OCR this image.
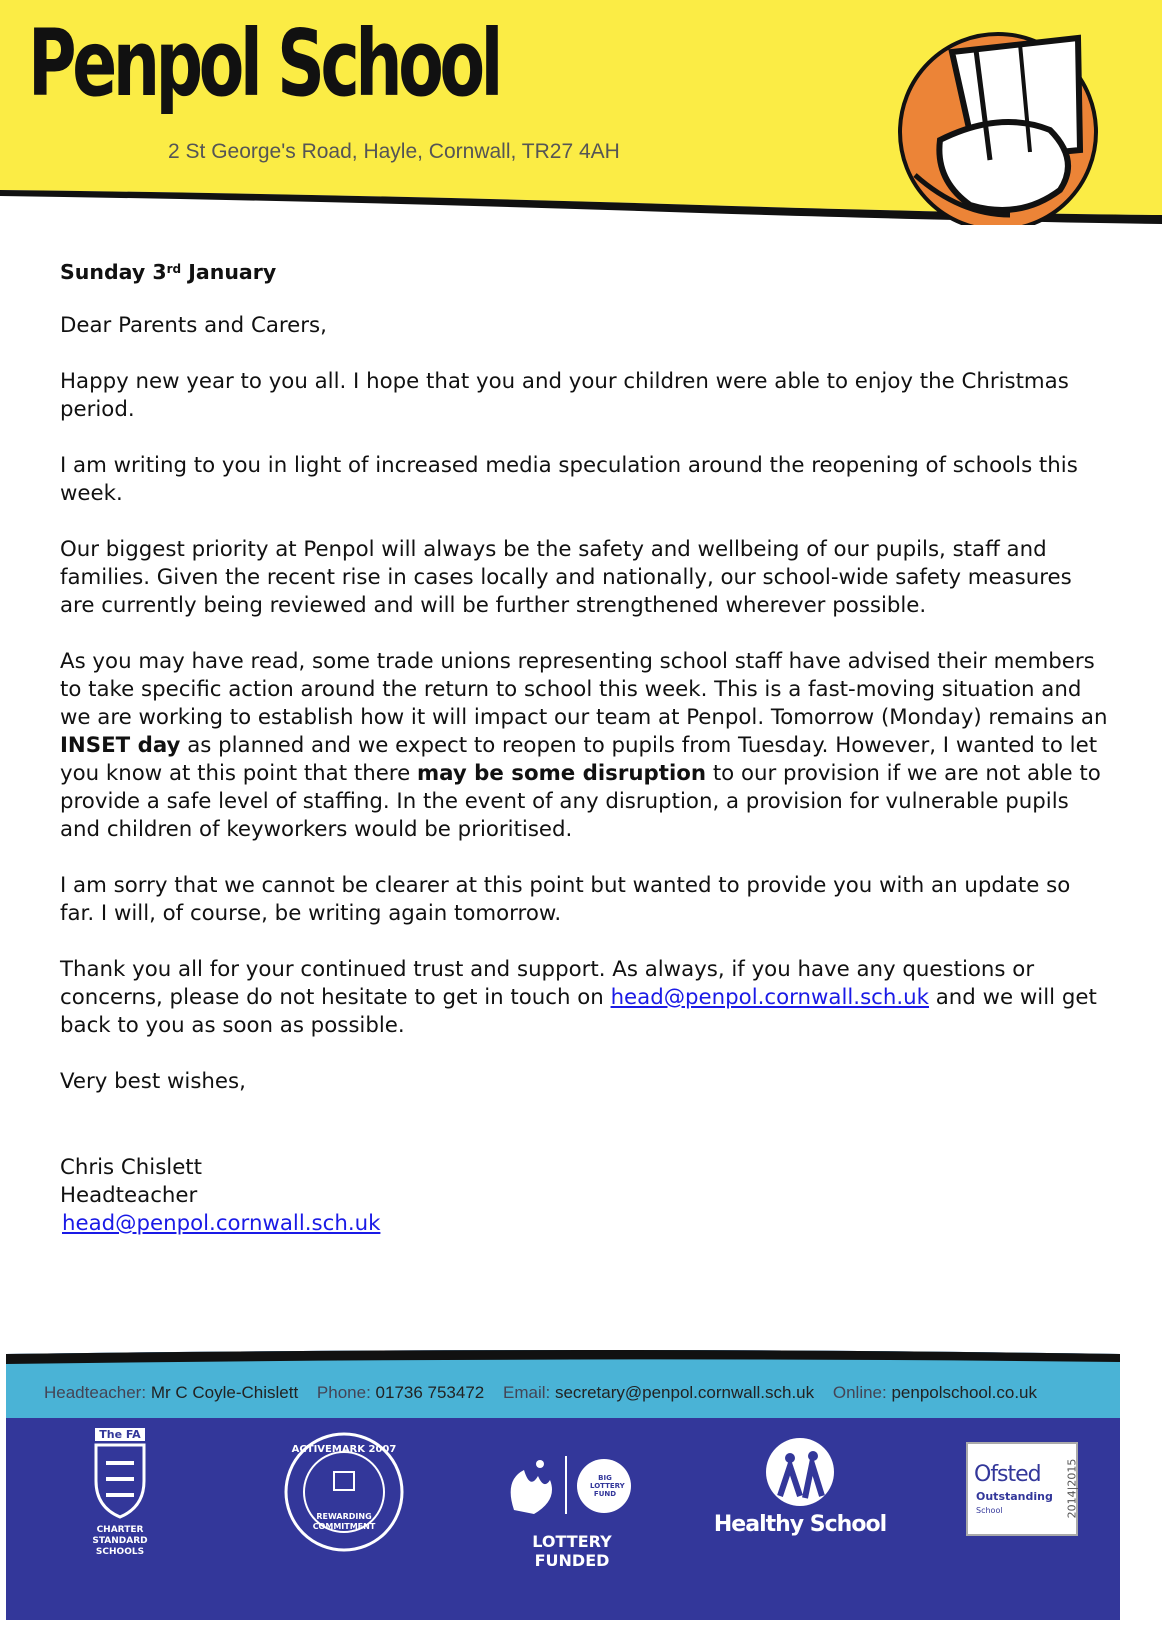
Penpol School
2 St George's Road, Hayle, Cornwall, TR27 4AH
Sunday 3rd January

Dear Parents and Carers,

Happy new year to you all. I hope that you and your children were able to enjoy the Christmas period.

I am writing to you in light of increased media speculation around the reopening of schools this week.

Our biggest priority at Penpol will always be the safety and wellbeing of our pupils, staff and families. Given the recent rise in cases locally and nationally, our school-wide safety measures are currently being reviewed and will be further strengthened wherever possible.

As you may have read, some trade unions representing school staff have advised their members to take specific action around the return to school this week. This is a fast-moving situation and we are working to establish how it will impact our team at Penpol. Tomorrow (Monday) remains an INSET day as planned and we expect to reopen to pupils from Tuesday. However, I wanted to let you know at this point that there may be some disruption to our provision if we are not able to provide a safe level of staffing. In the event of any disruption, a provision for vulnerable pupils and children of keyworkers would be prioritised.

I am sorry that we cannot be clearer at this point but wanted to provide you with an update so far. I will, of course, be writing again tomorrow.

Thank you all for your continued trust and support. As always, if you have any questions or concerns, please do not hesitate to get in touch on head@penpol.cornwall.sch.uk and we will get back to you as soon as possible.

Very best wishes,

Chris Chislett
Headteacher
head@penpol.cornwall.sch.uk
Headteacher: Mr C Coyle-Chislett Phone: 01736 753472 Email: secretary@penpol.cornwall.sch.uk Online: penpolschool.co.uk
The FA
CHARTER STANDARD SCHOOLS
ACTIVEMARK 2007
REWARDING COMMITMENT
BIG LOTTERY FUND
LOTTERY FUNDED
Healthy School
Ofsted
Outstanding
School	2014|2015
